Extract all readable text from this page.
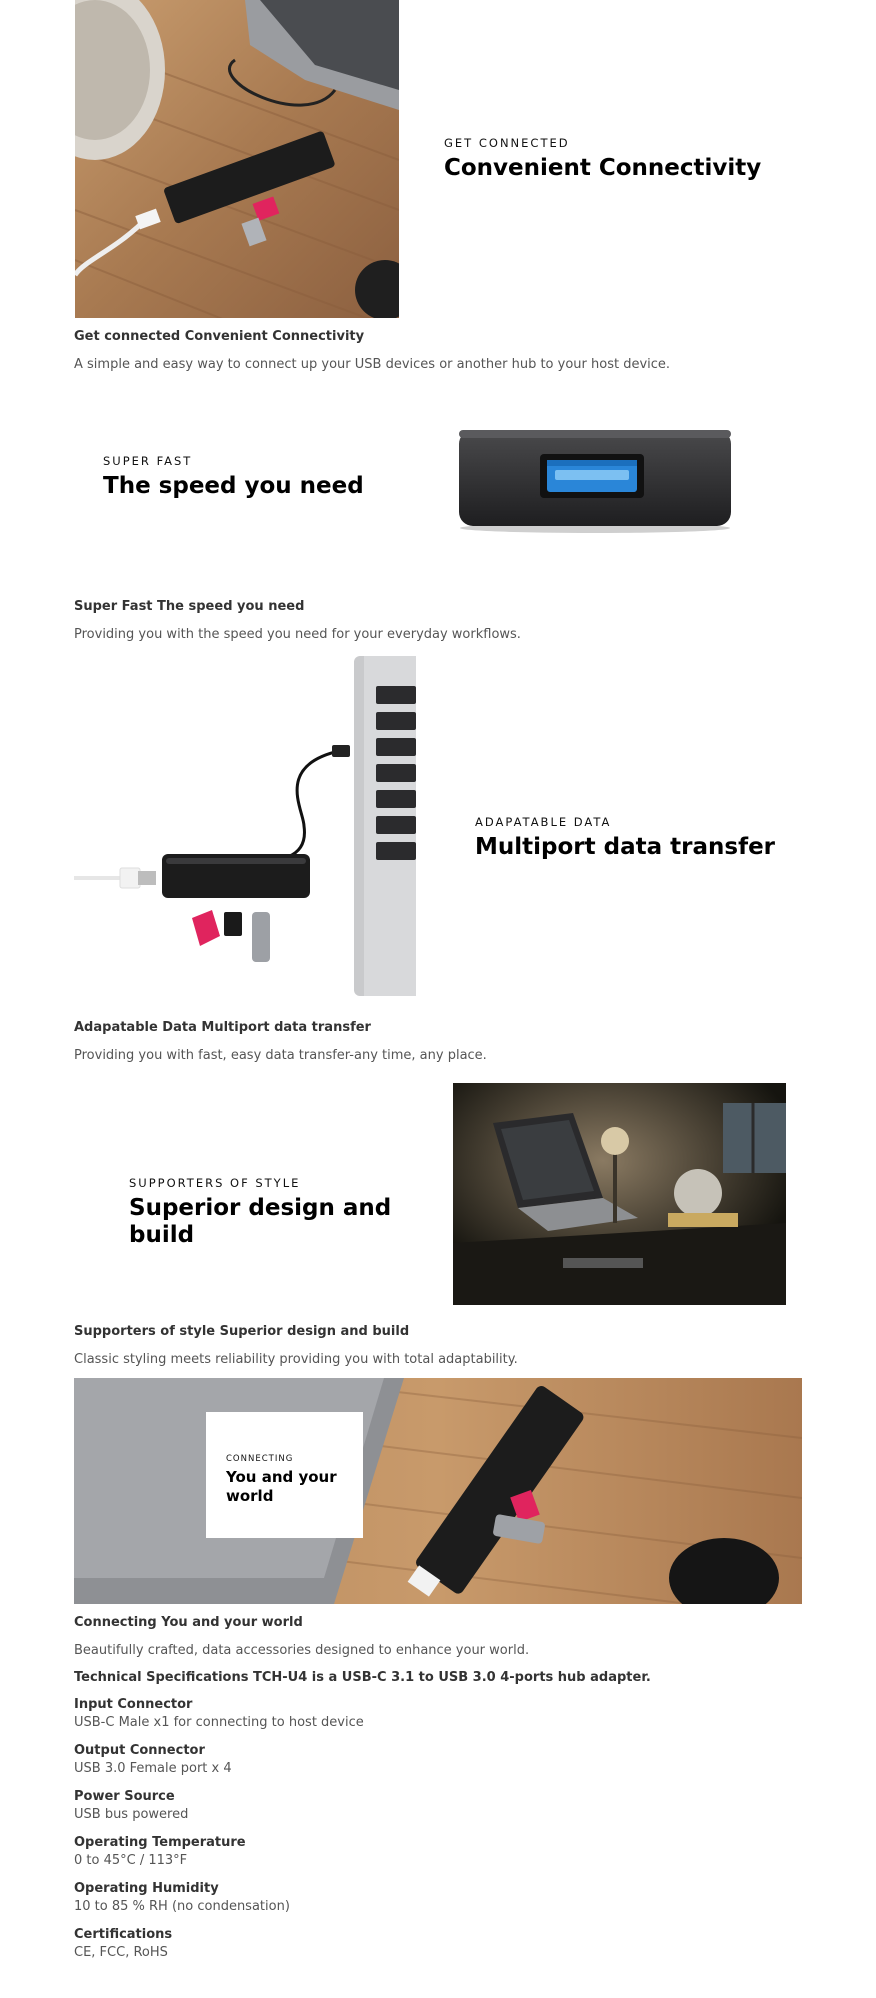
GET CONNECTED
Convenient Connectivity
Get connected Convenient Connectivity
A simple and easy way to connect up your USB devices or another hub to your host device.
SUPER FAST
The speed you need
Super Fast The speed you need
Providing you with the speed you need for your everyday workflows.
ADAPATABLE DATA
Multiport data transfer
Adapatable Data Multiport data transfer
Providing you with fast, easy data transfer-any time, any place.
SUPPORTERS OF STYLE
Superior design and
build
Supporters of style Superior design and build
Classic styling meets reliability providing you with total adaptability.
CONNECTING
You and your
world
Connecting You and your world
Beautifully crafted, data accessories designed to enhance your world.
Technical Specifications TCH-U4 is a USB-C 3.1 to USB 3.0 4-ports hub adapter.
Input Connector
USB-C Male x1 for connecting to host device
Output Connector
USB 3.0 Female port x 4
Power Source
USB bus powered
Operating Temperature
0 to 45°C / 113°F
Operating Humidity
10 to 85 % RH (no condensation)
Certifications
CE, FCC, RoHS
